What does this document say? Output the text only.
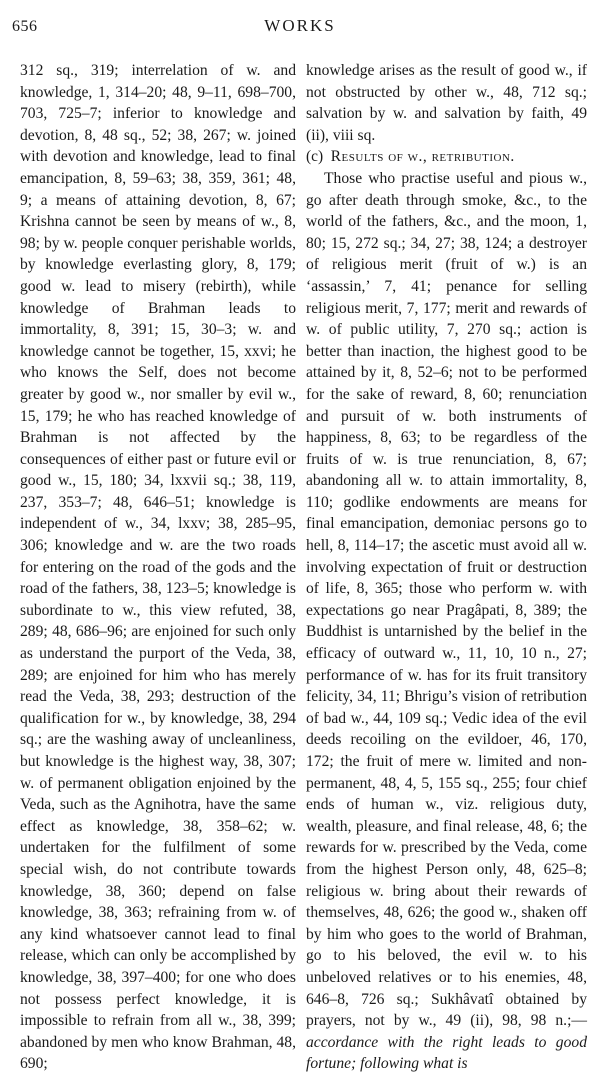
656	WORKS

312 sq., 319; interrelation of w. and knowledge, 1, 314–20; 48, 9–11, 698–700, 703, 725–7; inferior to knowledge and devotion, 8, 48 sq., 52; 38, 267; w. joined with devotion and knowledge, lead to final emancipation, 8, 59–63; 38, 359, 361; 48, 9; a means of attaining devotion, 8, 67; Krishna cannot be seen by means of w., 8, 98; by w. people conquer perishable worlds, by knowledge everlasting glory, 8, 179; good w. lead to misery (rebirth), while knowledge of Brahman leads to immortality, 8, 391; 15, 30–3; w. and knowledge cannot be together, 15, xxvi; he who knows the Self, does not become greater by good w., nor smaller by evil w., 15, 179; he who has reached knowledge of Brahman is not affected by the consequences of either past or future evil or good w., 15, 180; 34, lxxvii sq.; 38, 119, 237, 353–7; 48, 646–51; knowledge is independent of w., 34, lxxv; 38, 285–95, 306; knowledge and w. are the two roads for entering on the road of the gods and the road of the fathers, 38, 123–5; knowledge is subordinate to w., this view refuted, 38, 289; 48, 686–96; are enjoined for such only as understand the purport of the Veda, 38, 289; are enjoined for him who has merely read the Veda, 38, 293; destruction of the qualification for w., by knowledge, 38, 294 sq.; are the washing away of uncleanliness, but knowledge is the highest way, 38, 307; w. of permanent obligation enjoined by the Veda, such as the Agnihotra, have the same effect as knowledge, 38, 358–62; w. undertaken for the fulfilment of some special wish, do not contribute towards knowledge, 38, 360; depend on false knowledge, 38, 363; refraining from w. of any kind whatsoever cannot lead to final release, which can only be accomplished by knowledge, 38, 397–400; for one who does not possess perfect knowledge, it is impossible to refrain from all w., 38, 399; abandoned by men who know Brahman, 48, 690;

knowledge arises as the result of good w., if not obstructed by other w., 48, 712 sq.; salvation by w. and salvation by faith, 49 (ii), viii sq.

(c)  Results of w., retribution.

Those who practise useful and pious w., go after death through smoke, &c., to the world of the fathers, &c., and the moon, 1, 80; 15, 272 sq.; 34, 27; 38, 124; a destroyer of religious merit (fruit of w.) is an ‘assassin,’ 7, 41; penance for selling religious merit, 7, 177; merit and rewards of w. of public utility, 7, 270 sq.; action is better than inaction, the highest good to be attained by it, 8, 52–6; not to be performed for the sake of reward, 8, 60; renunciation and pursuit of w. both instruments of happiness, 8, 63; to be regardless of the fruits of w. is true renunciation, 8, 67; abandoning all w. to attain immortality, 8, 110; godlike endowments are means for final emancipation, demoniac persons go to hell, 8, 114–17; the ascetic must avoid all w. involving expectation of fruit or destruction of life, 8, 365; those who perform w. with expectations go near Pragâpati, 8, 389; the Buddhist is untarnished by the belief in the efficacy of outward w., 11, 10, 10 n., 27; performance of w. has for its fruit transitory felicity, 34, 11; Bhrigu’s vision of retribution of bad w., 44, 109 sq.; Vedic idea of the evil deeds recoiling on the evildoer, 46, 170, 172; the fruit of mere w. limited and non-permanent, 48, 4, 5, 155 sq., 255; four chief ends of human w., viz. religious duty, wealth, pleasure, and final release, 48, 6; the rewards for w. prescribed by the Veda, come from the highest Person only, 48, 625–8; religious w. bring about their rewards of themselves, 48, 626; the good w., shaken off by him who goes to the world of Brahman, go to his beloved, the evil w. to his unbeloved relatives or to his enemies, 48, 646–8, 726 sq.; Sukhâvatî obtained by prayers, not by w., 49 (ii), 98, 98 n.;—accordance with the right leads to good fortune; following what is
